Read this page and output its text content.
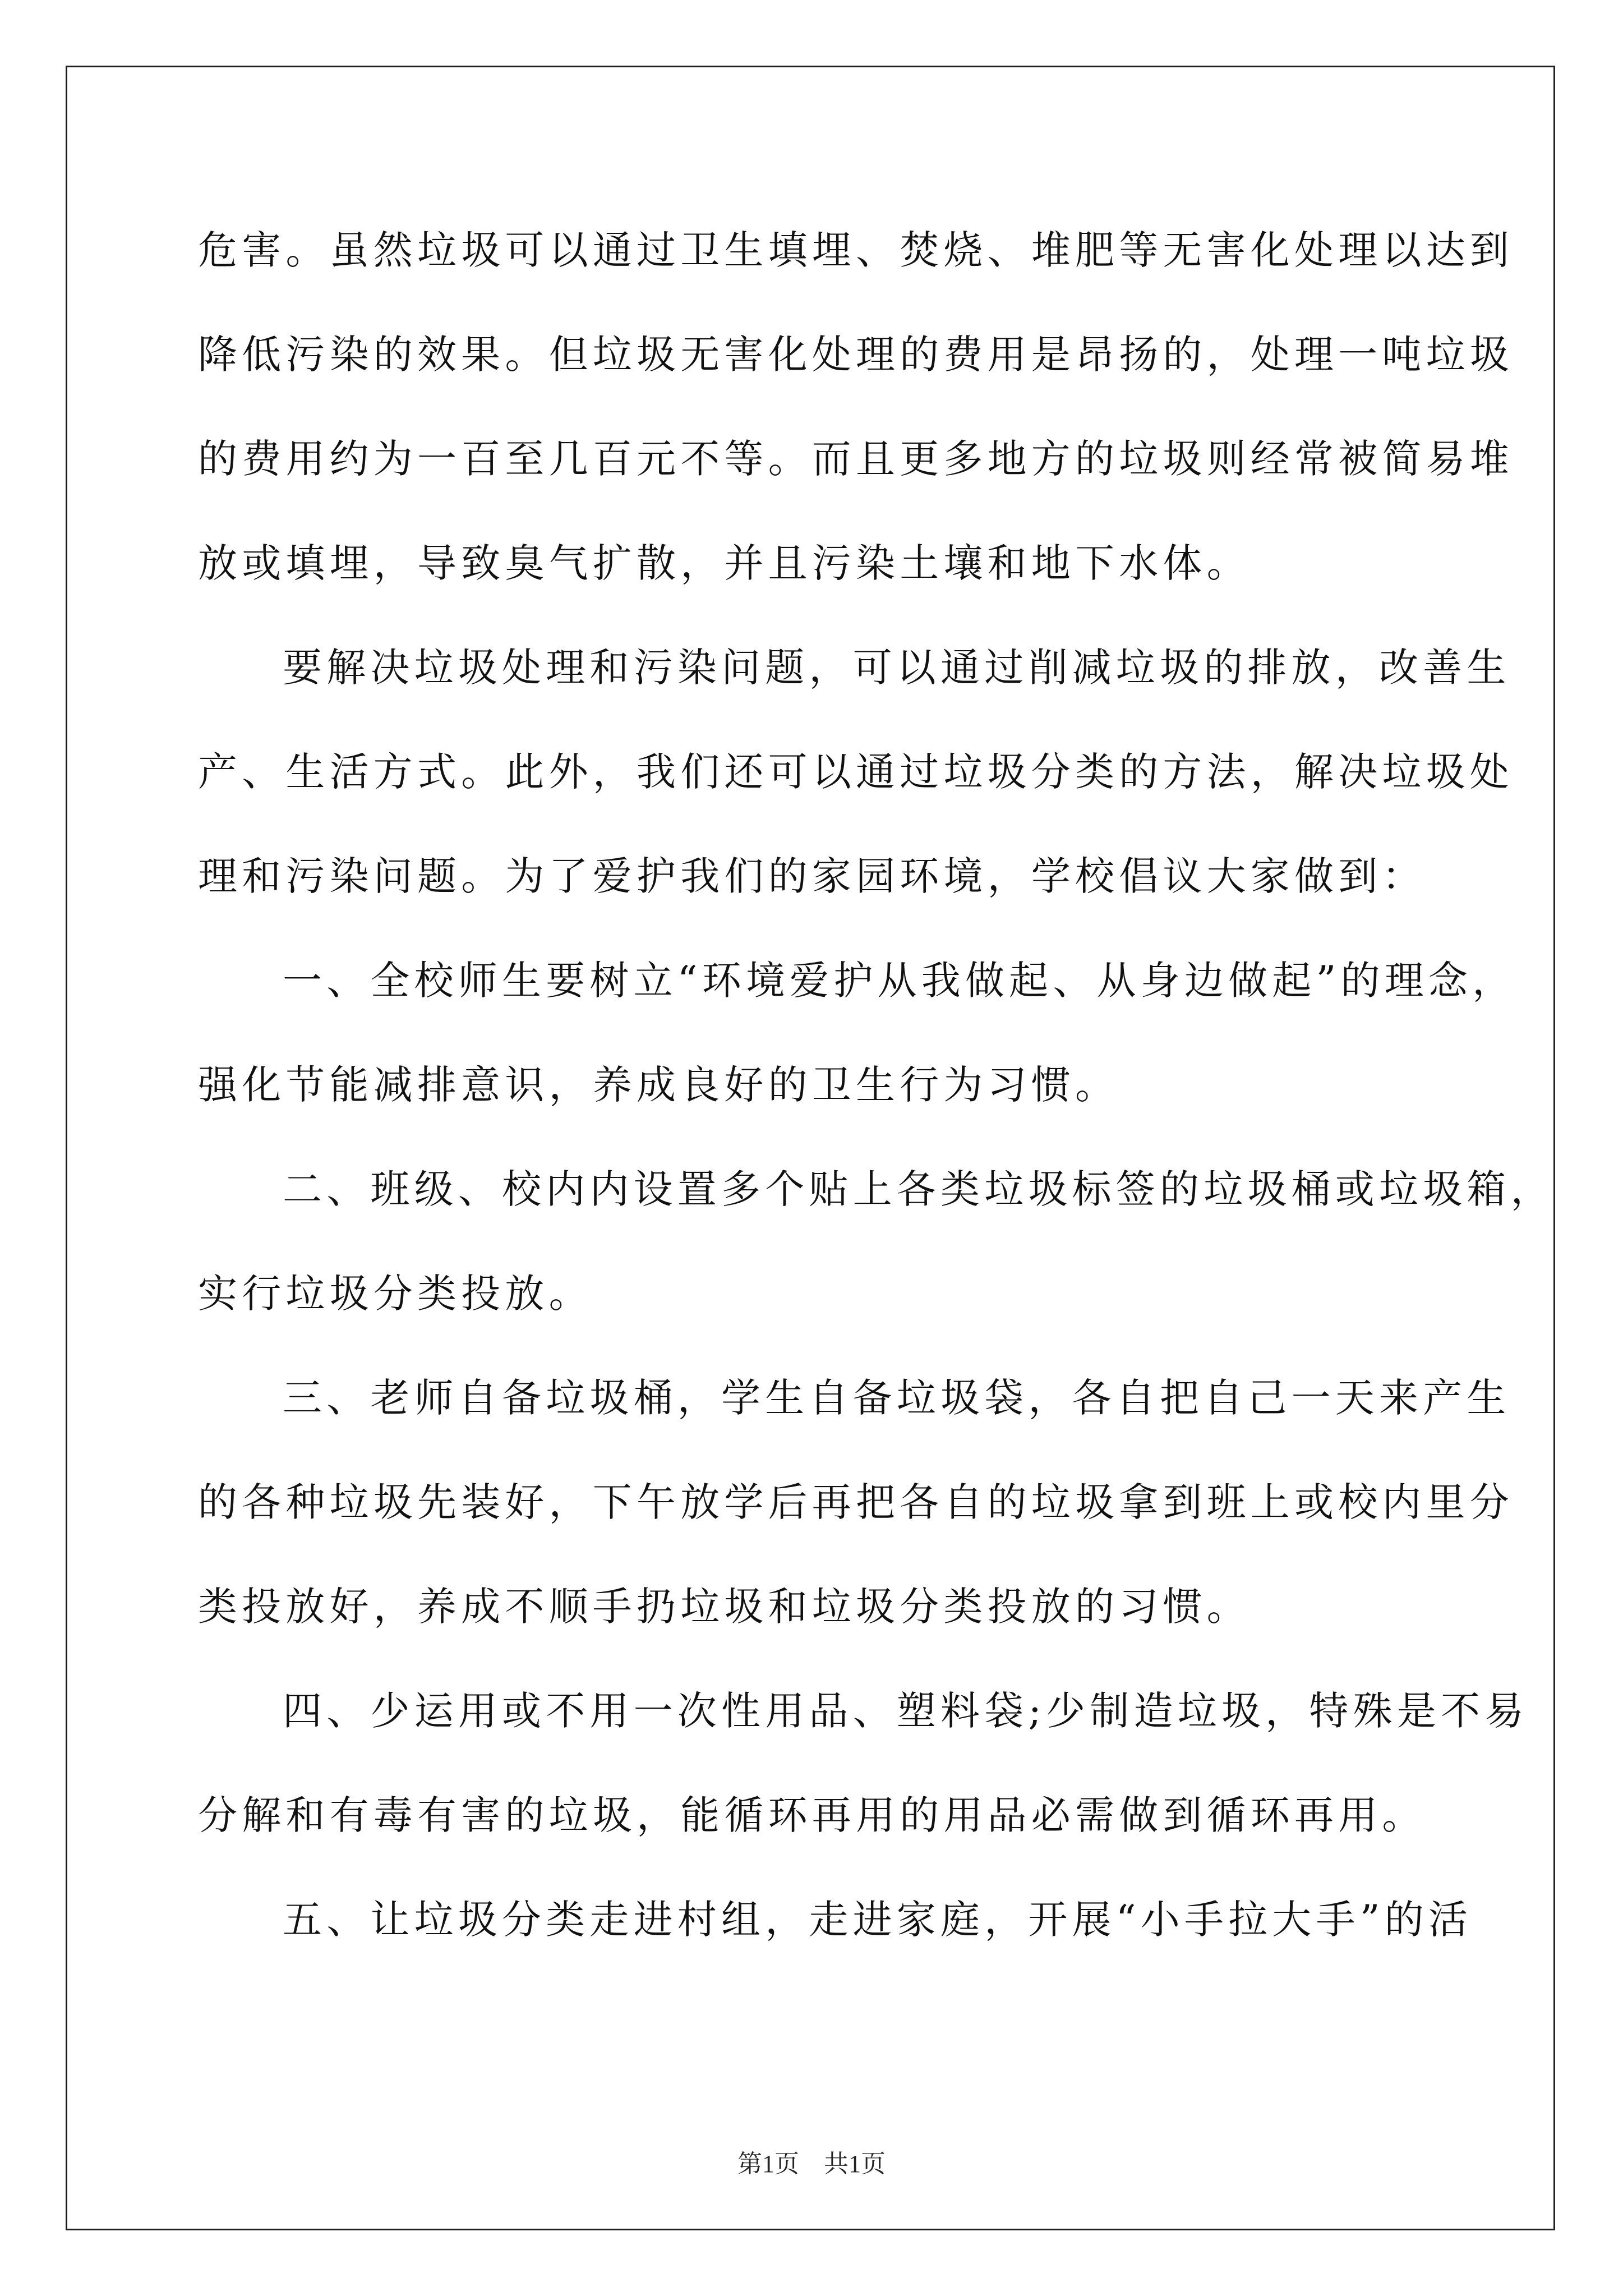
危害。虽然垃圾可以通过卫生填埋、焚烧、堆肥等无害化处理以达到
降低污染的效果。但垃圾无害化处理的费用是昂扬的，处理一吨垃圾
的费用约为一百至几百元不等。而且更多地方的垃圾则经常被简易堆
放或填埋，导致臭气扩散，并且污染土壤和地下水体。
要解决垃圾处理和污染问题，可以通过削减垃圾的排放，改善生
产、生活方式。此外，我们还可以通过垃圾分类的方法，解决垃圾处
理和污染问题。为了爱护我们的家园环境，学校倡议大家做到：
一、全校师生要树立“环境爱护从我做起、从身边做起”的理念，
强化节能减排意识，养成良好的卫生行为习惯。
二、班级、校内内设置多个贴上各类垃圾标签的垃圾桶或垃圾箱，
实行垃圾分类投放。
三、老师自备垃圾桶，学生自备垃圾袋，各自把自己一天来产生
的各种垃圾先装好，下午放学后再把各自的垃圾拿到班上或校内里分
类投放好，养成不顺手扔垃圾和垃圾分类投放的习惯。
四、少运用或不用一次性用品、塑料袋;少制造垃圾，特殊是不易
分解和有毒有害的垃圾，能循环再用的用品必需做到循环再用。
五、让垃圾分类走进村组，走进家庭，开展“小手拉大手”的活
第1页 共1页
